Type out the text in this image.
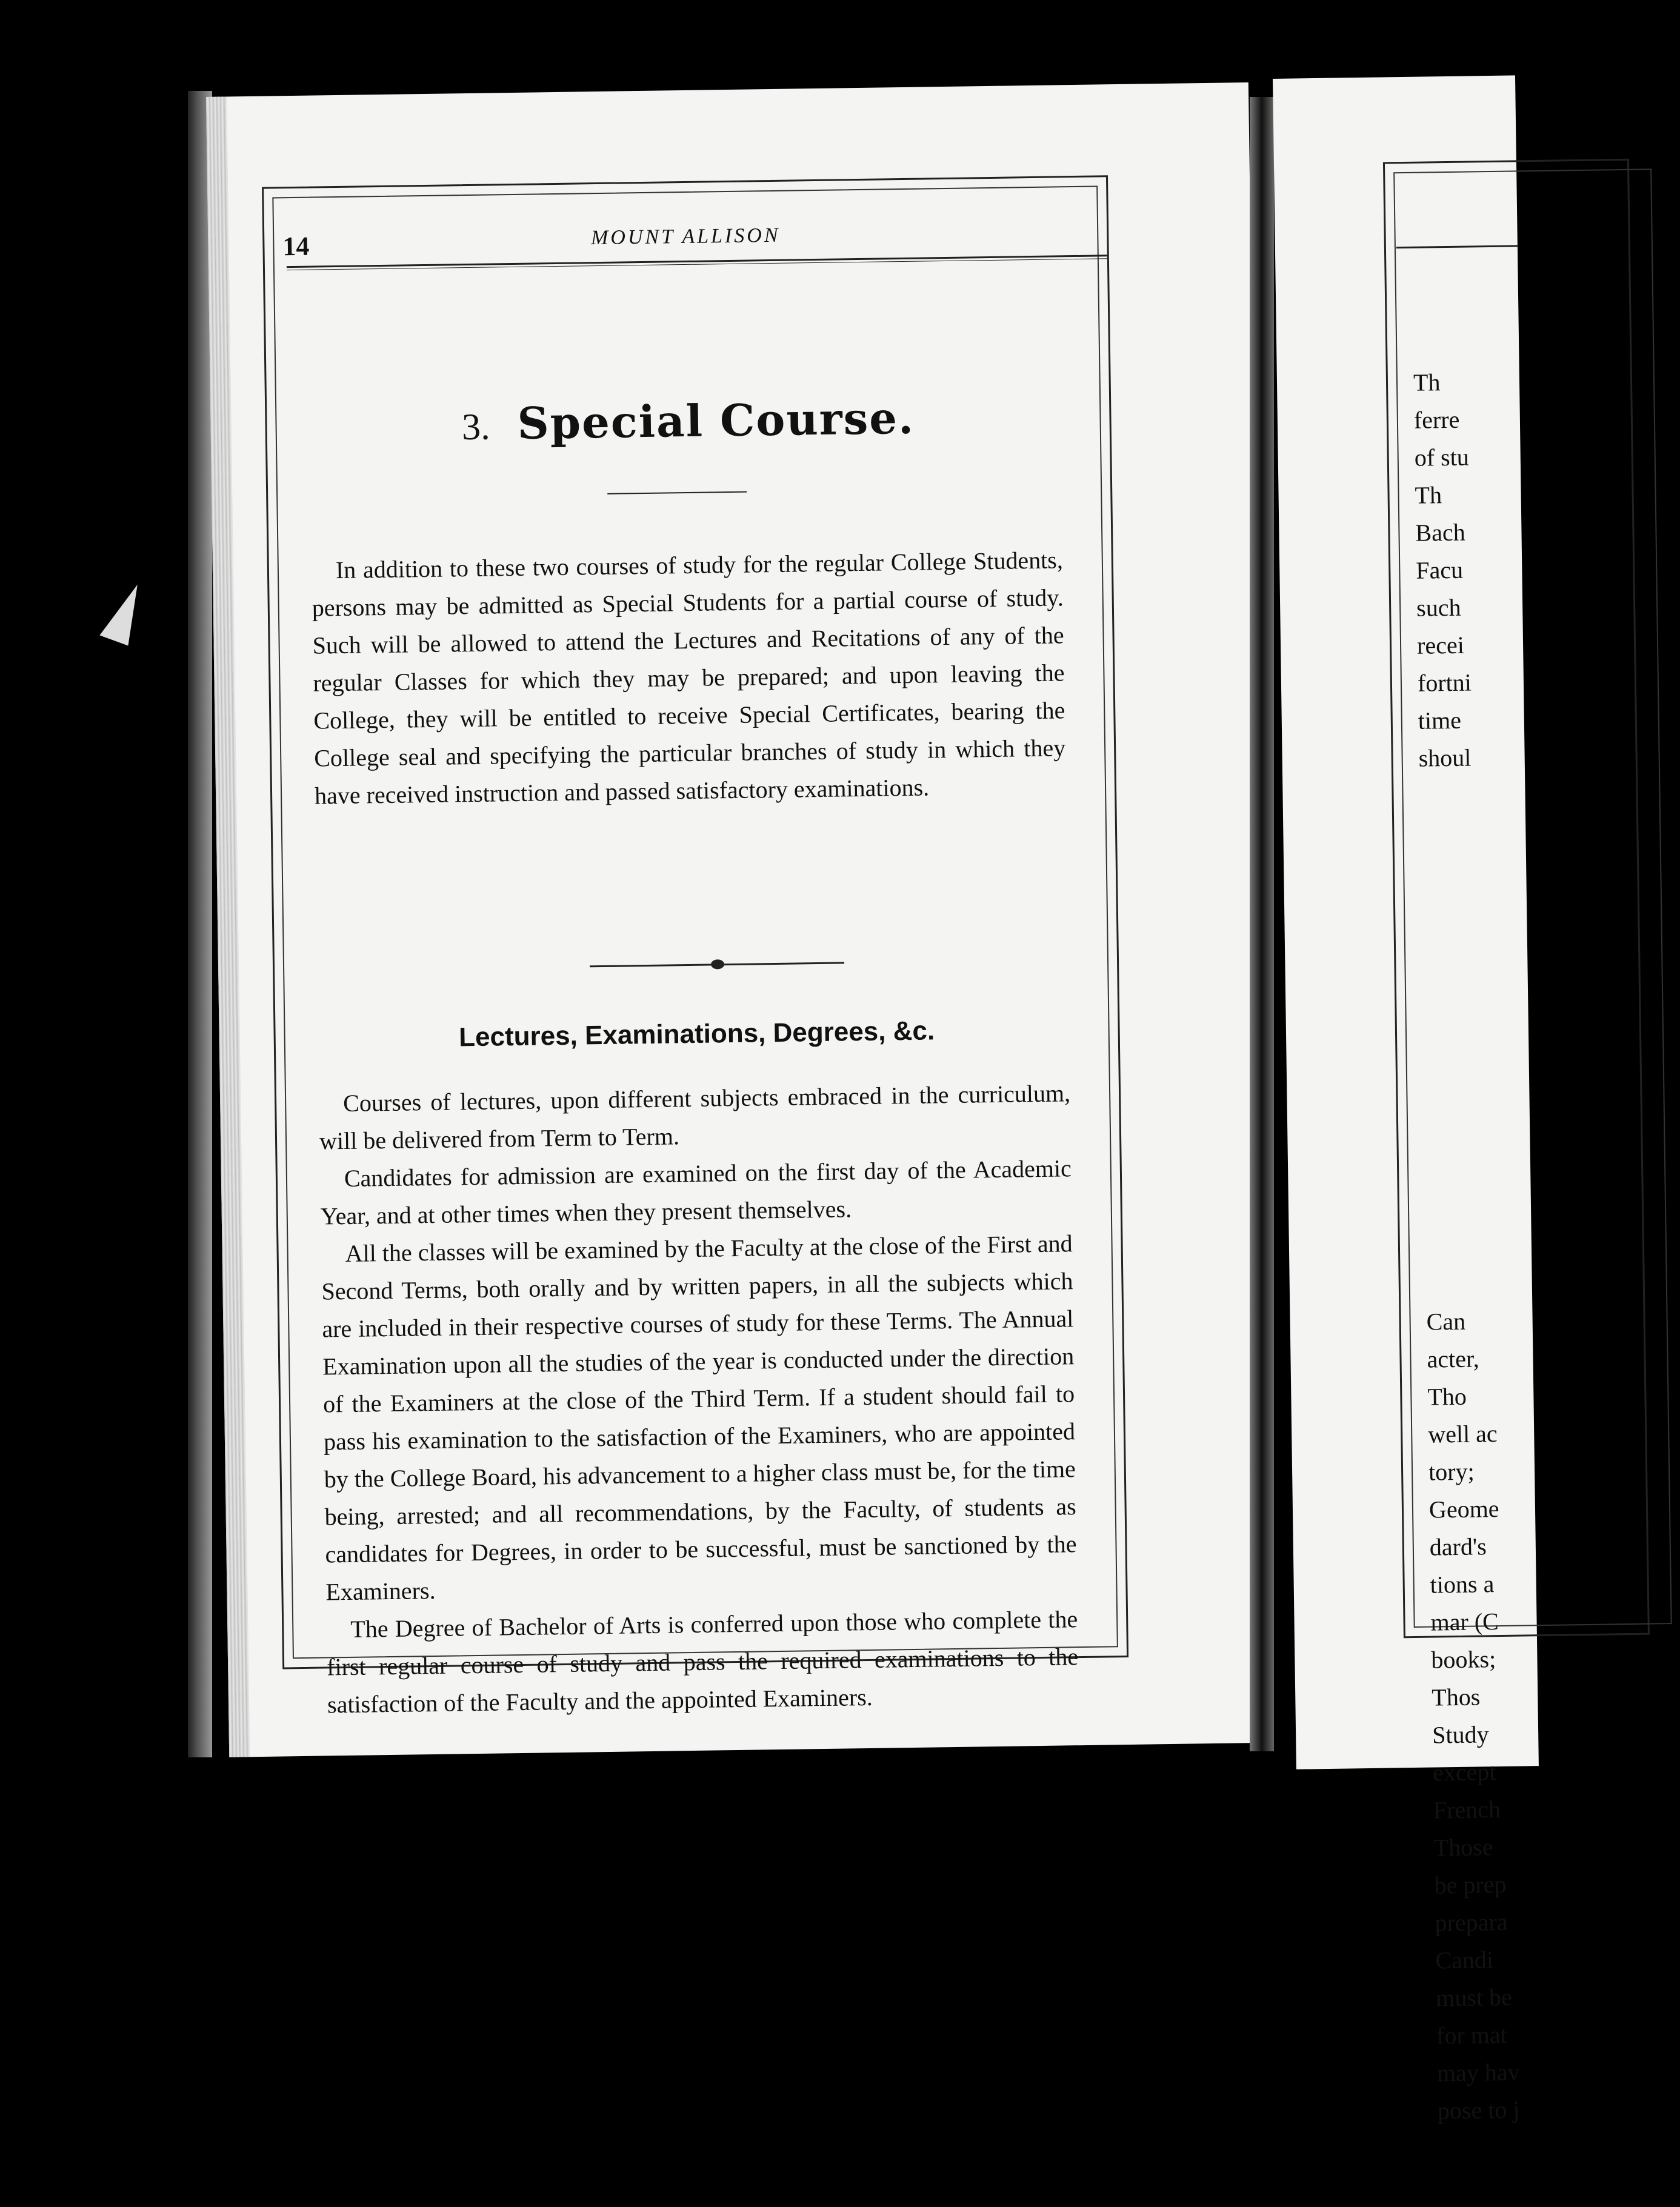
14	MOUNT ALLISON
3. Special Course.

In addition to these two courses of study for the regular College Students, persons may be admitted as Special Students for a partial course of study. Such will be allowed to attend the Lectures and Recitations of any of the regular Classes for which they may be prepared; and upon leaving the College, they will be entitled to receive Special Certificates, bearing the College seal and specifying the particular branches of study in which they have received instruction and passed satisfactory examinations.

Lectures, Examinations, Degrees, &c.

Courses of lectures, upon different subjects embraced in the curriculum, will be delivered from Term to Term.

Candidates for admission are examined on the first day of the Academic Year, and at other times when they present themselves.

All the classes will be examined by the Faculty at the close of the First and Second Terms, both orally and by written papers, in all the subjects which are included in their respective courses of study for these Terms. The Annual Examination upon all the studies of the year is conducted under the direction of the Examiners at the close of the Third Term. If a student should fail to pass his examination to the satisfaction of the Examiners, who are appointed by the College Board, his advancement to a higher class must be, for the time being, arrested; and all recommendations, by the Faculty, of students as candidates for Degrees, in order to be successful, must be sanctioned by the Examiners.

The Degree of Bachelor of Arts is conferred upon those who complete the first regular course of study and pass the required examinations to the satisfaction of the Faculty and the appointed Examiners.

Th
ferre
of stu
Th
Bach
Facu
such
recei
fortni
time
shoul

Can
acter,
Tho
well ac
tory;
Geome
dard's
tions a
mar (C
books;
Thos
Study
except
French
Those
be prep
prepara
Candi
must be
for mat
may hav
pose to j
